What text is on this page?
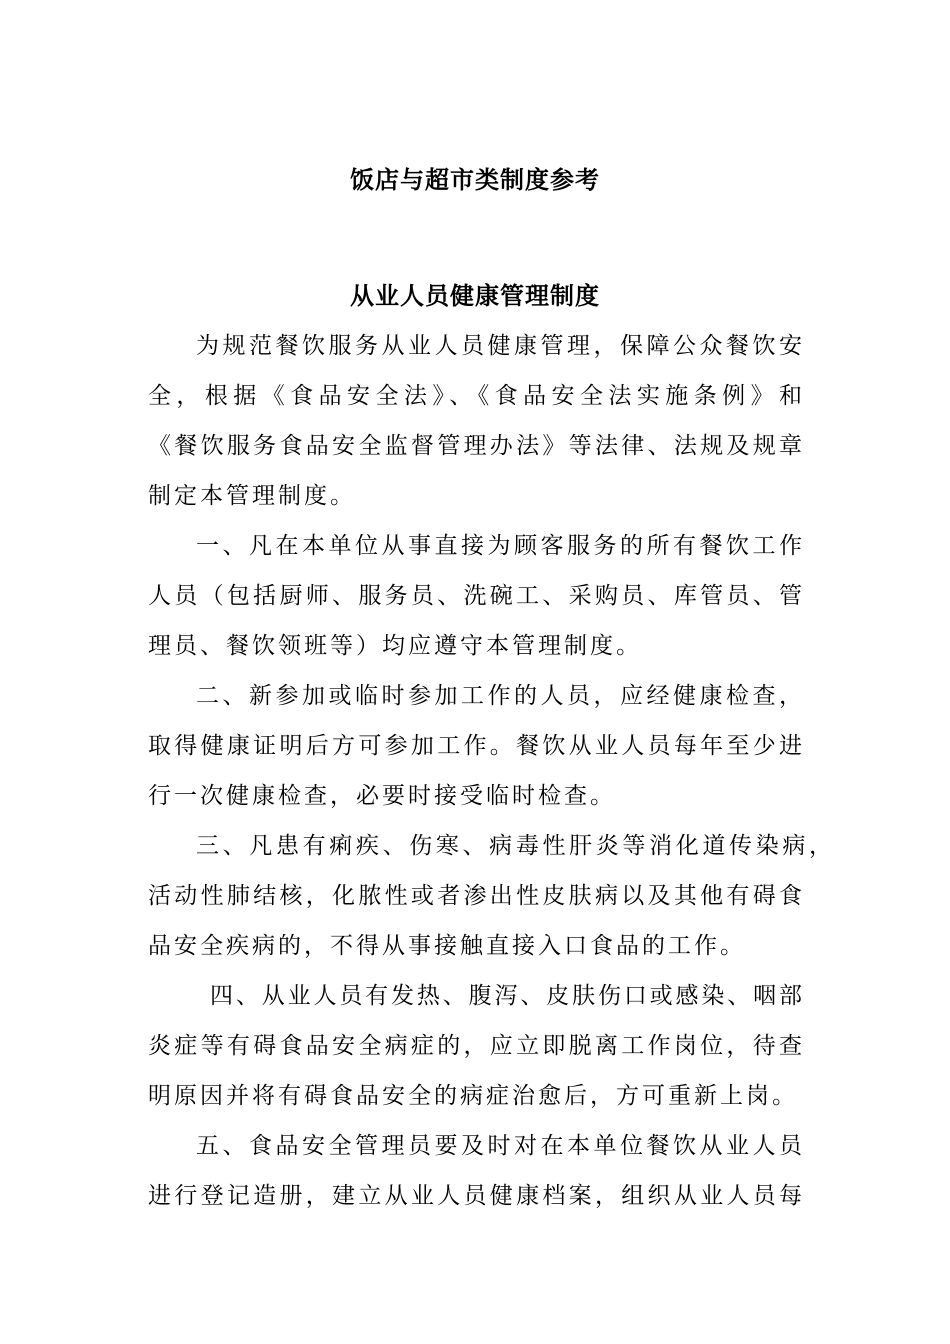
饭店与超市类制度参考
从业人员健康管理制度
为规范餐饮服务从业人员健康管理，保障公众餐饮安
全，根据《食品安全法》、《食品安全法实施条例》和
《餐饮服务食品安全监督管理办法》等法律、法规及规章
制定本管理制度。
一、凡在本单位从事直接为顾客服务的所有餐饮工作
人员（包括厨师、服务员、洗碗工、采购员、库管员、管
理员、餐饮领班等）均应遵守本管理制度。
二、新参加或临时参加工作的人员，应经健康检查，
取得健康证明后方可参加工作。餐饮从业人员每年至少进
行一次健康检查，必要时接受临时检查。
三、凡患有痢疾、伤寒、病毒性肝炎等消化道传染病，
活动性肺结核，化脓性或者渗出性皮肤病以及其他有碍食
品安全疾病的，不得从事接触直接入口食品的工作。
四、从业人员有发热、腹泻、皮肤伤口或感染、咽部
炎症等有碍食品安全病症的，应立即脱离工作岗位，待查
明原因并将有碍食品安全的病症治愈后，方可重新上岗。
五、食品安全管理员要及时对在本单位餐饮从业人员
进行登记造册，建立从业人员健康档案，组织从业人员每
